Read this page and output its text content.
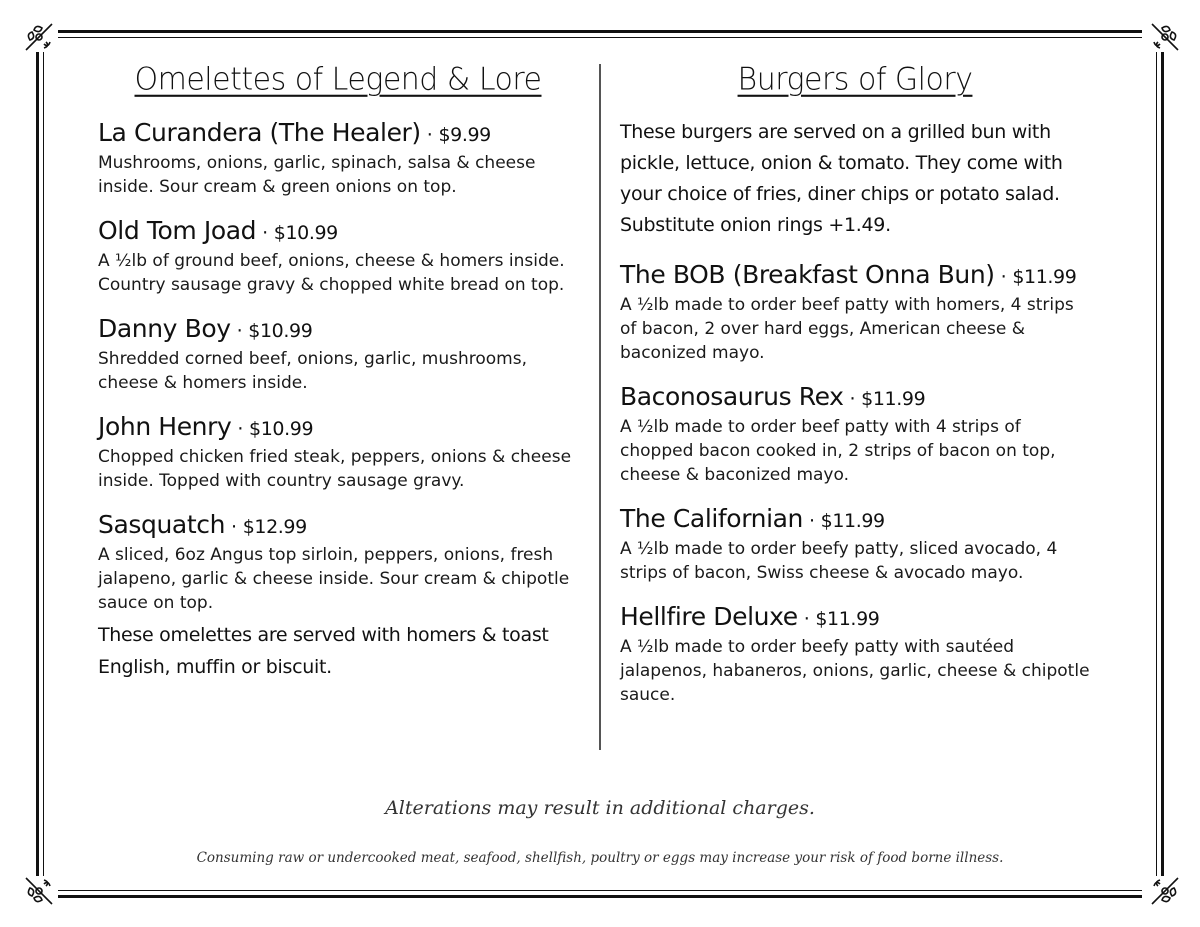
Omelettes of Legend & Lore
La Curandera (The Healer) · $9.99
Mushrooms, onions, garlic, spinach, salsa & cheese inside. Sour cream & green onions on top.
Old Tom Joad · $10.99
A ½lb of ground beef, onions, cheese & homers inside. Country sausage gravy & chopped white bread on top.
Danny Boy · $10.99
Shredded corned beef, onions, garlic, mushrooms, cheese & homers inside.
John Henry · $10.99
Chopped chicken fried steak, peppers, onions & cheese inside. Topped with country sausage gravy.
Sasquatch · $12.99
A sliced, 6oz Angus top sirloin, peppers, onions, fresh jalapeno, garlic & cheese inside. Sour cream & chipotle sauce on top.
These omelettes are served with homers & toast English, muffin or biscuit.
Burgers of Glory
These burgers are served on a grilled bun with pickle, lettuce, onion & tomato. They come with your choice of fries, diner chips or potato salad. Substitute onion rings +1.49.
The BOB (Breakfast Onna Bun) · $11.99
A ½lb made to order beef patty with homers, 4 strips of bacon, 2 over hard eggs, American cheese & baconized mayo.
Baconosaurus Rex · $11.99
A ½lb made to order beef patty with 4 strips of chopped bacon cooked in, 2 strips of bacon on top, cheese & baconized mayo.
The Californian · $11.99
A ½lb made to order beefy patty, sliced avocado, 4 strips of bacon, Swiss cheese & avocado mayo.
Hellfire Deluxe · $11.99
A ½lb made to order beefy patty with sautéed jalapenos, habaneros, onions, garlic, cheese & chipotle sauce.
Alterations may result in additional charges.
Consuming raw or undercooked meat, seafood, shellfish, poultry or eggs may increase your risk of food borne illness.
